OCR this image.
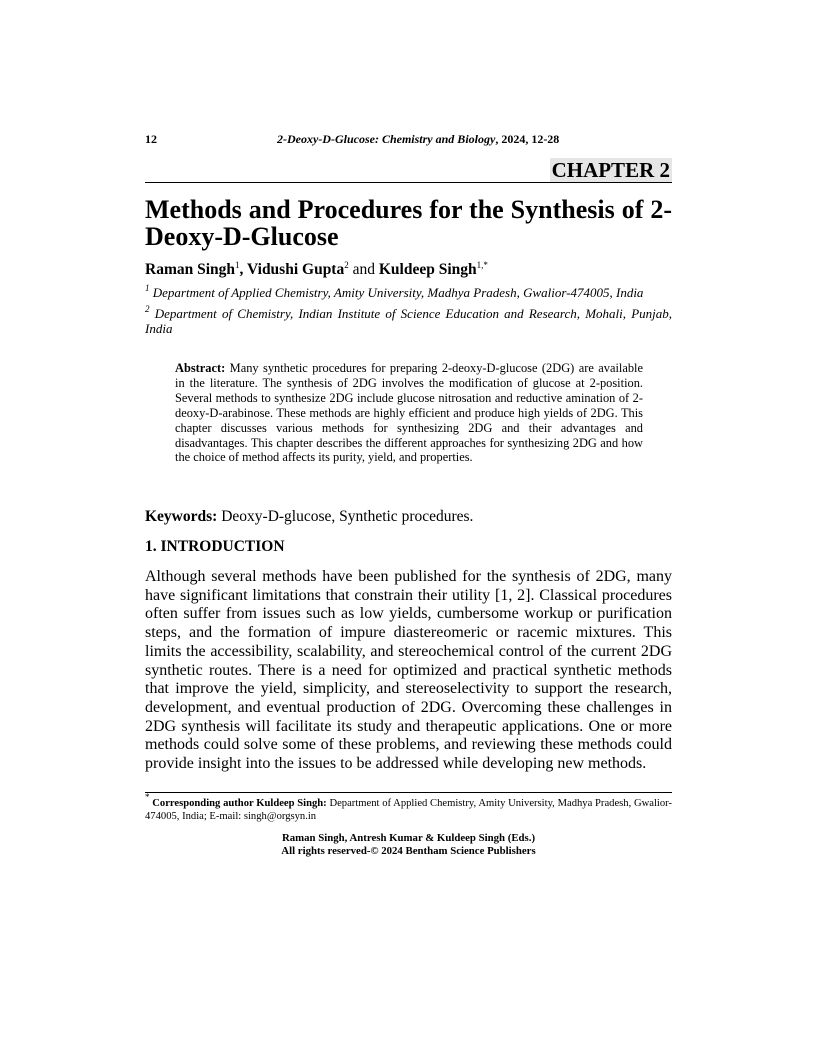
12	2-Deoxy-D-Glucose: Chemistry and Biology, 2024, 12-28
CHAPTER 2
Methods and Procedures for the Synthesis of 2-Deoxy-D-Glucose
Raman Singh$^1$, Vidushi Gupta$^2$ and Kuldeep Singh$^{1,*}$
$^1$ Department of Applied Chemistry, Amity University, Madhya Pradesh, Gwalior-474005, India
$^2$ Department of Chemistry, Indian Institute of Science Education and Research, Mohali, Punjab, India
Abstract: Many synthetic procedures for preparing 2-deoxy-D-glucose (2DG) are available in the literature. The synthesis of 2DG involves the modification of glucose at 2-position. Several methods to synthesize 2DG include glucose nitrosation and reductive amination of 2-deoxy-D-arabinose. These methods are highly efficient and produce high yields of 2DG. This chapter discusses various methods for synthesizing 2DG and their advantages and disadvantages. This chapter describes the different approaches for synthesizing 2DG and how the choice of method affects its purity, yield, and properties.
Keywords: Deoxy-D-glucose, Synthetic procedures.
1. INTRODUCTION
Although several methods have been published for the synthesis of 2DG, many have significant limitations that constrain their utility [1, 2]. Classical procedures often suffer from issues such as low yields, cumbersome workup or purification steps, and the formation of impure diastereomeric or racemic mixtures. This limits the accessibility, scalability, and stereochemical control of the current 2DG synthetic routes. There is a need for optimized and practical synthetic methods that improve the yield, simplicity, and stereoselectivity to support the research, development, and eventual production of 2DG. Overcoming these challenges in 2DG synthesis will facilitate its study and therapeutic applications. One or more methods could solve some of these problems, and reviewing these methods could provide insight into the issues to be addressed while developing new methods.
* Corresponding author Kuldeep Singh: Department of Applied Chemistry, Amity University, Madhya Pradesh, Gwalior-474005, India; E-mail: singh@orgsyn.in
Raman Singh, Antresh Kumar & Kuldeep Singh (Eds.)
All rights reserved-© 2024 Bentham Science Publishers
